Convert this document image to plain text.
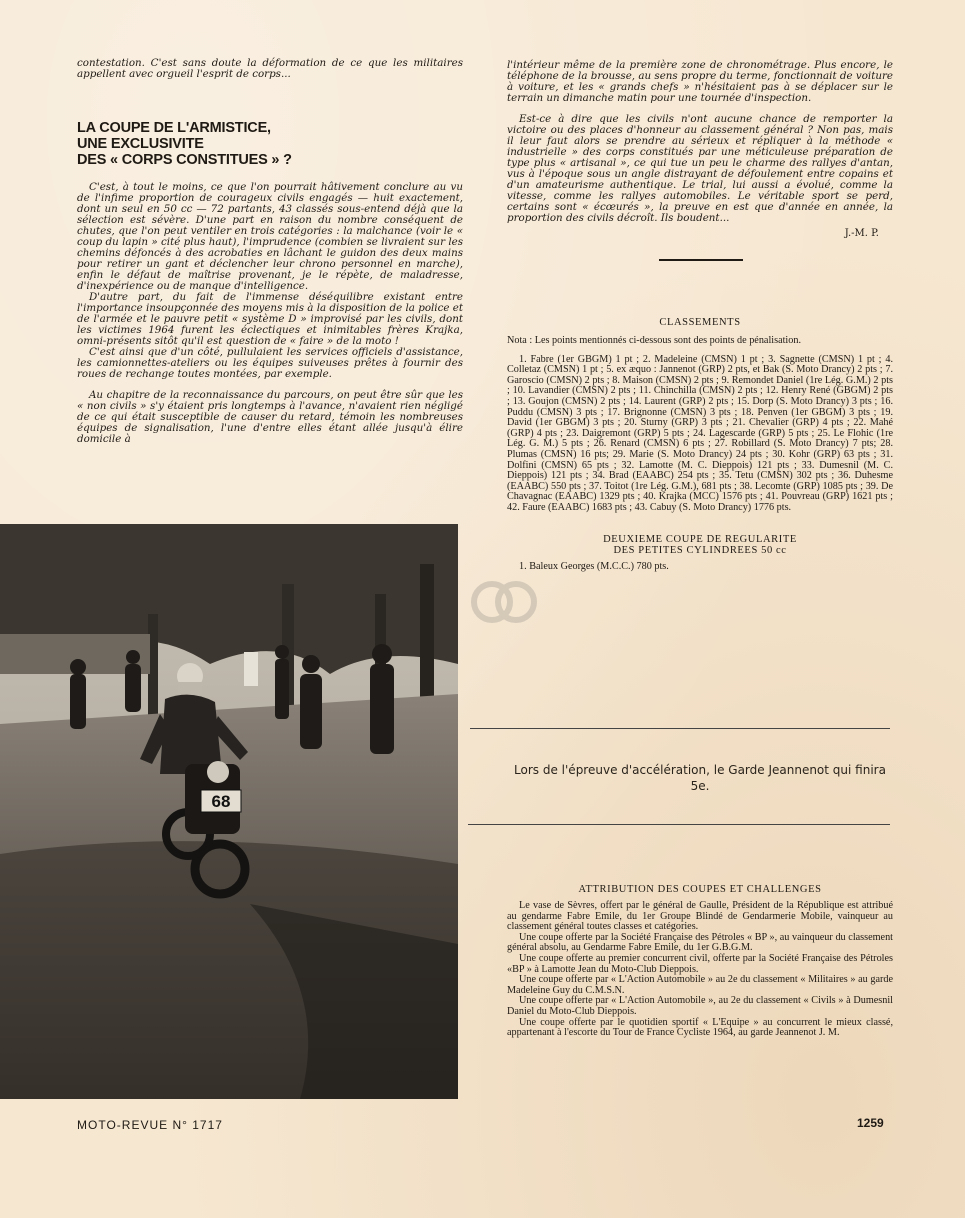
contestation. C'est sans doute la déformation de ce que les militaires appellent avec orgueil l'esprit de corps...

LA COUPE DE L'ARMISTICE,
UNE EXCLUSIVITE
DES « CORPS CONSTITUES » ?

C'est, à tout le moins, ce que l'on pourrait hâtivement conclure au vu de l'infime proportion de courageux civils engagés — huit exactement, dont un seul en 50 cc — 72 partants, 43 classés sous-entend déjà que la sélection est sévère. D'une part en raison du nombre conséquent de chutes, que l'on peut ventiler en trois catégories : la malchance (voir le « coup du lapin » cité plus haut), l'imprudence (combien se livraient sur les chemins défoncés à des acrobaties en lâchant le guidon des deux mains pour retirer un gant et déclencher leur chrono personnel en marche), enfin le défaut de maîtrise provenant, je le répète, de maladresse, d'inexpérience ou de manque d'intelligence.

D'autre part, du fait de l'immense déséquilibre existant entre l'importance insoupçonnée des moyens mis à la disposition de la police et de l'armée et le pauvre petit « système D » improvisé par les civils, dont les victimes 1964 furent les éclectiques et inimitables frères Krajka, omni-présents sitôt qu'il est question de « faire » de la moto !

C'est ainsi que d'un côté, pullulaient les services officiels d'assistance, les camionnettes-ateliers ou les équipes suiveuses prêtes à fournir des roues de rechange toutes montées, par exemple.

Au chapitre de la reconnaissance du parcours, on peut être sûr que les « non civils » s'y étaient pris longtemps à l'avance, n'avaient rien négligé de ce qui était susceptible de causer du retard, témoin les nombreuses équipes de signalisation, l'une d'entre elles étant allée jusqu'à élire domicile à

l'intérieur même de la première zone de chronométrage. Plus encore, le téléphone de la brousse, au sens propre du terme, fonctionnait de voiture à voiture, et les « grands chefs » n'hésitaient pas à se déplacer sur le terrain un dimanche matin pour une tournée d'inspection.

Est-ce à dire que les civils n'ont aucune chance de remporter la victoire ou des places d'honneur au classement général ? Non pas, mais il leur faut alors se prendre au sérieux et répliquer à la méthode « industrielle » des corps constitués par une méticuleuse préparation de type plus « artisanal », ce qui tue un peu le charme des rallyes d'antan, vus à l'époque sous un angle distrayant de défoulement entre copains et d'un amateurisme authentique. Le trial, lui aussi a évolué, comme la vitesse, comme les rallyes automobiles. Le véritable sport se perd, certains sont « écœurés », la preuve en est que d'année en année, la proportion des civils décroît. Ils boudent...

J.-M. P.
CLASSEMENTS

Nota : Les points mentionnés ci-dessous sont des points de pénalisation.

1. Fabre (1er GBGM) 1 pt ; 2. Madeleine (CMSN) 1 pt ; 3. Sagnette (CMSN) 1 pt ; 4. Colletaz (CMSN) 1 pt ; 5. ex æquo : Jannenot (GRP) 2 pts, et Bak (S. Moto Drancy) 2 pts ; 7. Garoscio (CMSN) 2 pts ; 8. Maison (CMSN) 2 pts ; 9. Remondet Daniel (1re Lég. G.M.) 2 pts ; 10. Lavandier (CMSN) 2 pts ; 11. Chinchilla (CMSN) 2 pts ; 12. Henry René (GBGM) 2 pts ; 13. Goujon (CMSN) 2 pts ; 14. Laurent (GRP) 2 pts ; 15. Dorp (S. Moto Drancy) 3 pts ; 16. Puddu (CMSN) 3 pts ; 17. Brignonne (CMSN) 3 pts ; 18. Penven (1er GBGM) 3 pts ; 19. David (1er GBGM) 3 pts ; 20. Sturny (GRP) 3 pts ; 21. Chevalier (GRP) 4 pts ; 22. Mahé (GRP) 4 pts ; 23. Daigremont (GRP) 5 pts ; 24. Lagescarde (GRP) 5 pts ; 25. Le Flohic (1re Lég. G. M.) 5 pts ; 26. Renard (CMSN) 6 pts ; 27. Robillard (S. Moto Drancy) 7 pts; 28. Plumas (CMSN) 16 pts; 29. Marie (S. Moto Drancy) 24 pts ; 30. Kohr (GRP) 63 pts ; 31. Dolfini (CMSN) 65 pts ; 32. Lamotte (M. C. Dieppois) 121 pts ; 33. Dumesnil (M. C. Dieppois) 121 pts ; 34. Brad (EAABC) 254 pts ; 35. Tetu (CMSN) 302 pts ; 36. Duhesme (EAABC) 550 pts ; 37. Toitot (1re Lég. G.M.), 681 pts ; 38. Lecomte (GRP) 1085 pts ; 39. De Chavagnac (EAABC) 1329 pts ; 40. Krajka (MCC) 1576 pts ; 41. Pouvreau (GRP) 1621 pts ; 42. Faure (EAABC) 1683 pts ; 43. Cabuy (S. Moto Drancy) 1776 pts.

DEUXIEME COUPE DE REGULARITE
DES PETITES CYLINDREES 50 cc

1. Baleux Georges (M.C.C.) 780 pts.

Lors de l'épreuve d'accélération, le Garde Jeannenot qui finira 5e.
ATTRIBUTION DES COUPES ET CHALLENGES

Le vase de Sèvres, offert par le général de Gaulle, Président de la République est attribué au gendarme Fabre Emile, du 1er Groupe Blindé de Gendarmerie Mobile, vainqueur au classement général toutes classes et catégories.

Une coupe offerte par la Société Française des Pétroles « BP », au vainqueur du classement général absolu, au Gendarme Fabre Emile, du 1er G.B.G.M.

Une coupe offerte au premier concurrent civil, offerte par la Société Française des Pétroles «BP » à Lamotte Jean du Moto-Club Dieppois.

Une coupe offerte par « L'Action Automobile » au 2e du classement « Militaires » au garde Madeleine Guy du C.M.S.N.

Une coupe offerte par « L'Action Automobile », au 2e du classement « Civils » à Dumesnil Daniel du Moto-Club Dieppois.

Une coupe offerte par le quotidien sportif « L'Equipe » au concurrent le mieux classé, appartenant à l'escorte du Tour de France Cycliste 1964, au garde Jeannenot J. M.

68
MOTO-REVUE N° 1717	1259
